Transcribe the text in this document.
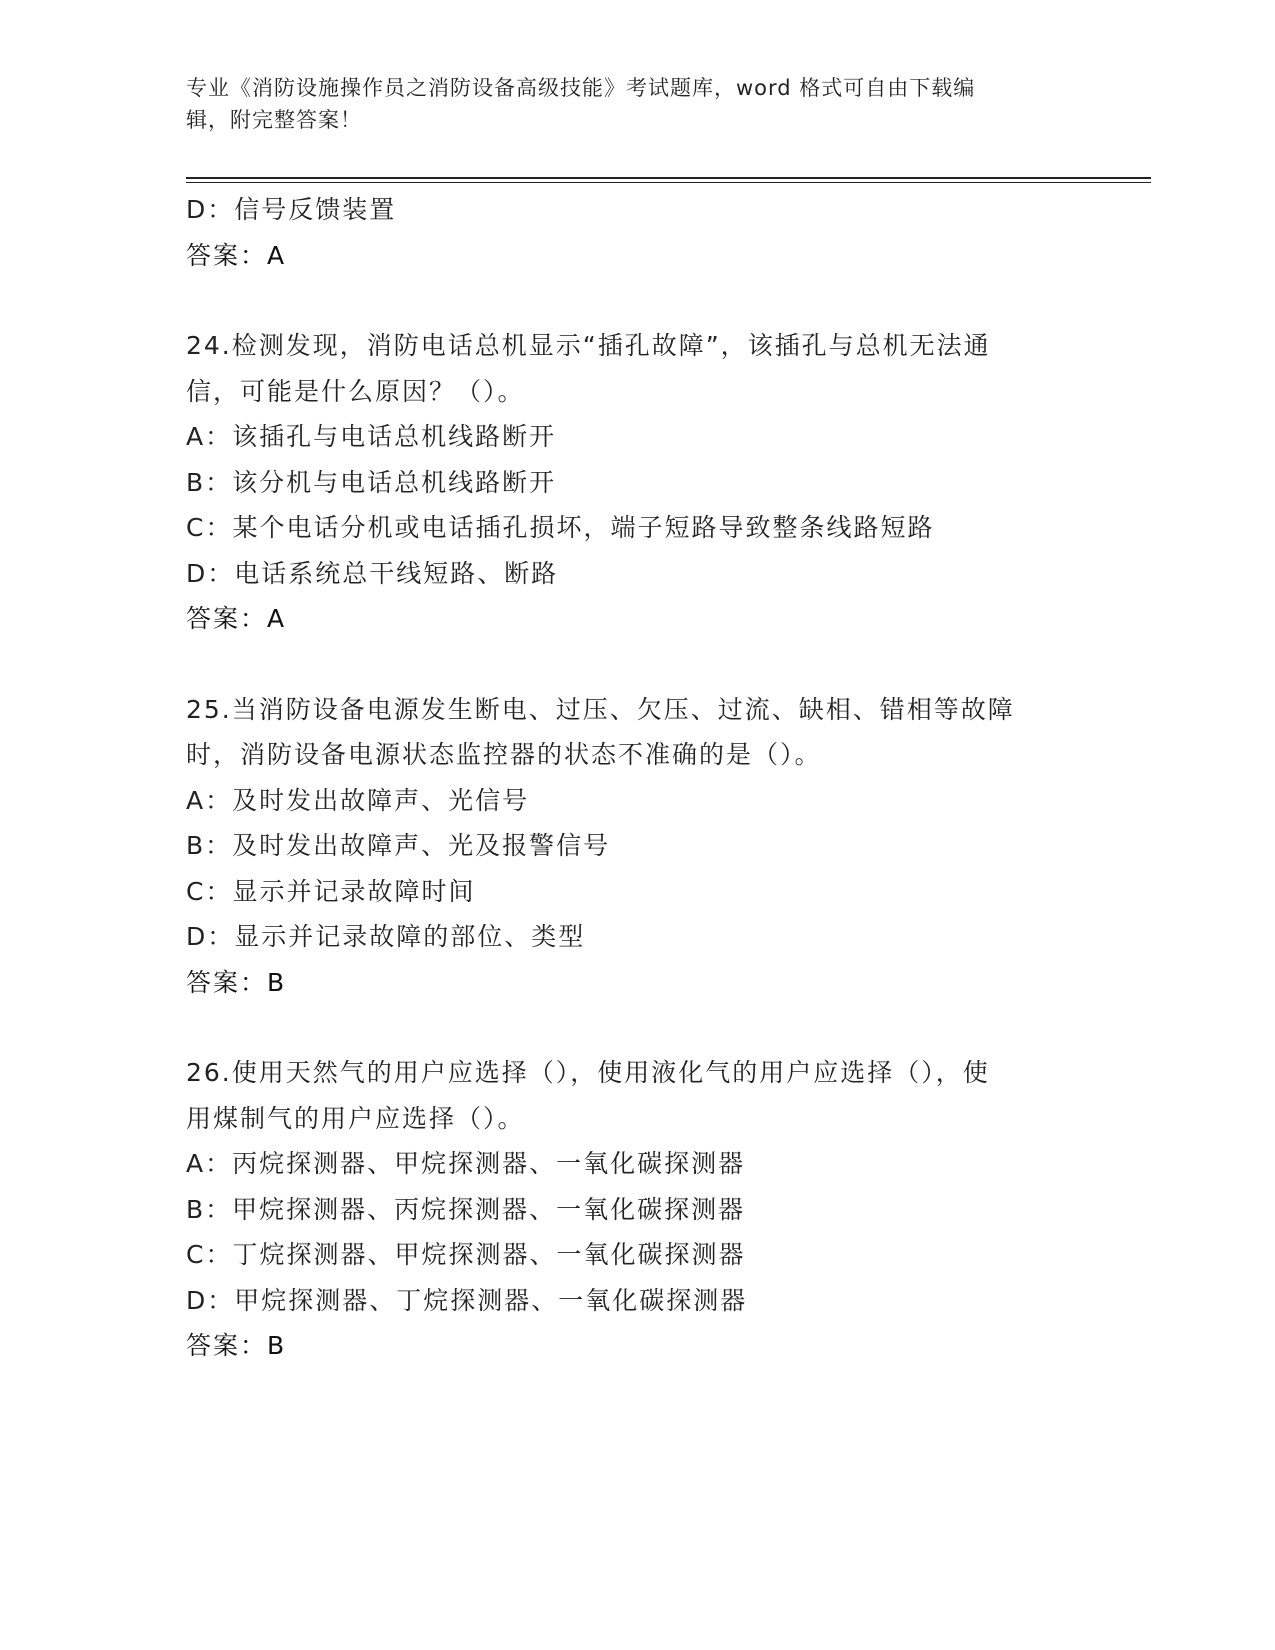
专业《消防设施操作员之消防设备高级技能》考试题库，word 格式可自由下载编
辑，附完整答案！
D：信号反馈装置
答案：A
24.检测发现，消防电话总机显示“插孔故障”，该插孔与总机无法通
信，可能是什么原因？（）。
A：该插孔与电话总机线路断开
B：该分机与电话总机线路断开
C：某个电话分机或电话插孔损坏，端子短路导致整条线路短路
D：电话系统总干线短路、断路
答案：A
25.当消防设备电源发生断电、过压、欠压、过流、缺相、错相等故障
时，消防设备电源状态监控器的状态不准确的是（）。
A：及时发出故障声、光信号
B：及时发出故障声、光及报警信号
C：显示并记录故障时间
D：显示并记录故障的部位、类型
答案：B
26.使用天然气的用户应选择（），使用液化气的用户应选择（），使
用煤制气的用户应选择（）。
A：丙烷探测器、甲烷探测器、一氧化碳探测器
B：甲烷探测器、丙烷探测器、一氧化碳探测器
C：丁烷探测器、甲烷探测器、一氧化碳探测器
D：甲烷探测器、丁烷探测器、一氧化碳探测器
答案：B
